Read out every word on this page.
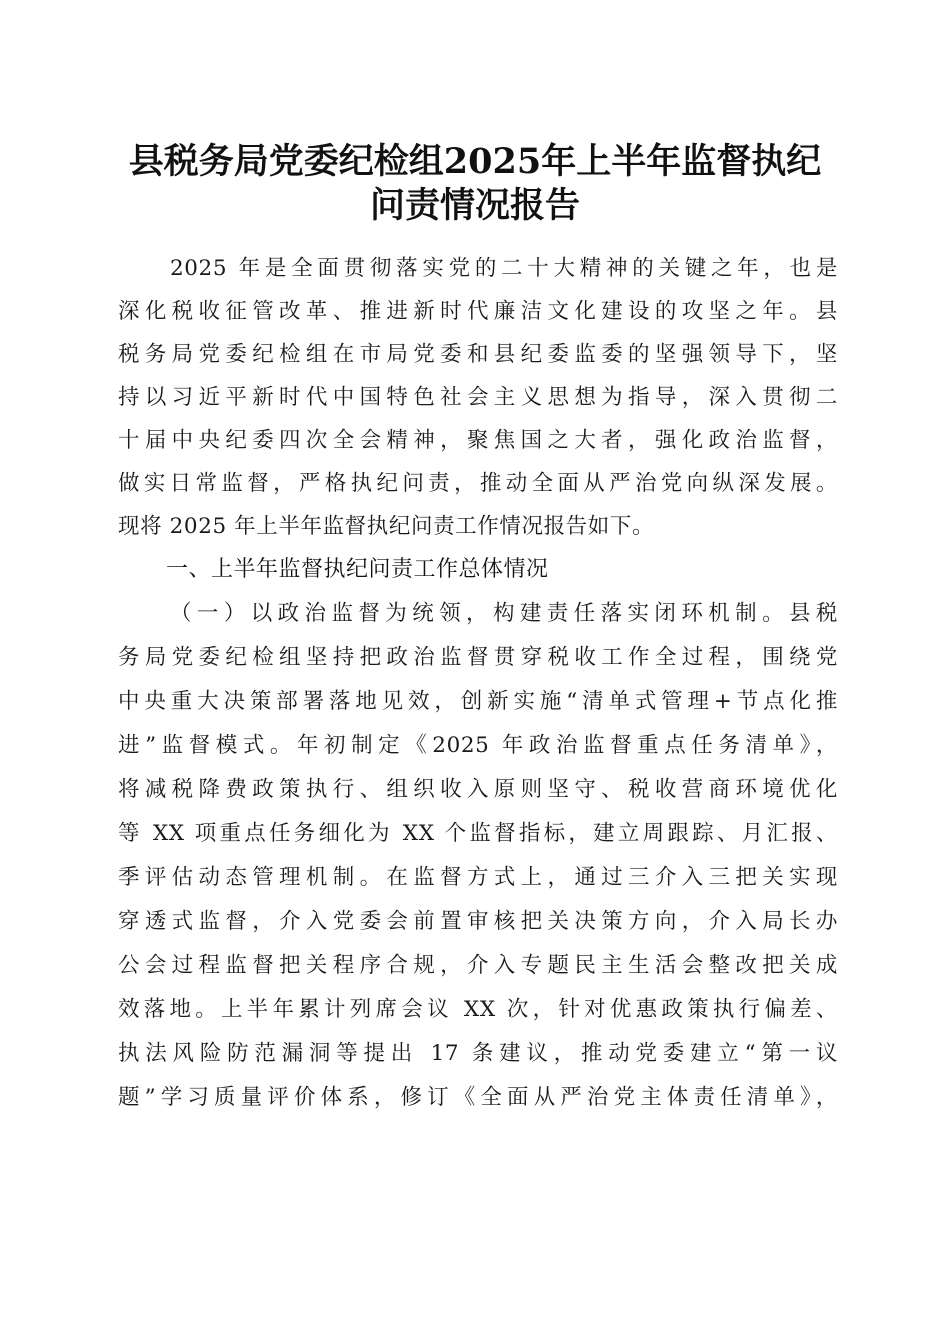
县税务局党委纪检组2025年上半年监督执纪
问责情况报告
2025 年是全面贯彻落实党的二十大精神的关键之年，也是
深化税收征管改革、推进新时代廉洁文化建设的攻坚之年。县
税务局党委纪检组在市局党委和县纪委监委的坚强领导下，坚
持以习近平新时代中国特色社会主义思想为指导，深入贯彻二
十届中央纪委四次全会精神，聚焦国之大者，强化政治监督，
做实日常监督，严格执纪问责，推动全面从严治党向纵深发展。
现将 2025 年上半年监督执纪问责工作情况报告如下。
一、上半年监督执纪问责工作总体情况
（一）以政治监督为统领，构建责任落实闭环机制。县税
务局党委纪检组坚持把政治监督贯穿税收工作全过程，围绕党
中央重大决策部署落地见效，创新实施“清单式管理+节点化推
进”监督模式。年初制定《2025 年政治监督重点任务清单》，
将减税降费政策执行、组织收入原则坚守、税收营商环境优化
等 XX 项重点任务细化为 XX 个监督指标，建立周跟踪、月汇报、
季评估动态管理机制。在监督方式上，通过三介入三把关实现
穿透式监督，介入党委会前置审核把关决策方向，介入局长办
公会过程监督把关程序合规，介入专题民主生活会整改把关成
效落地。上半年累计列席会议 XX 次，针对优惠政策执行偏差、
执法风险防范漏洞等提出 17 条建议，推动党委建立“第一议
题”学习质量评价体系，修订《全面从严治党主体责任清单》，
